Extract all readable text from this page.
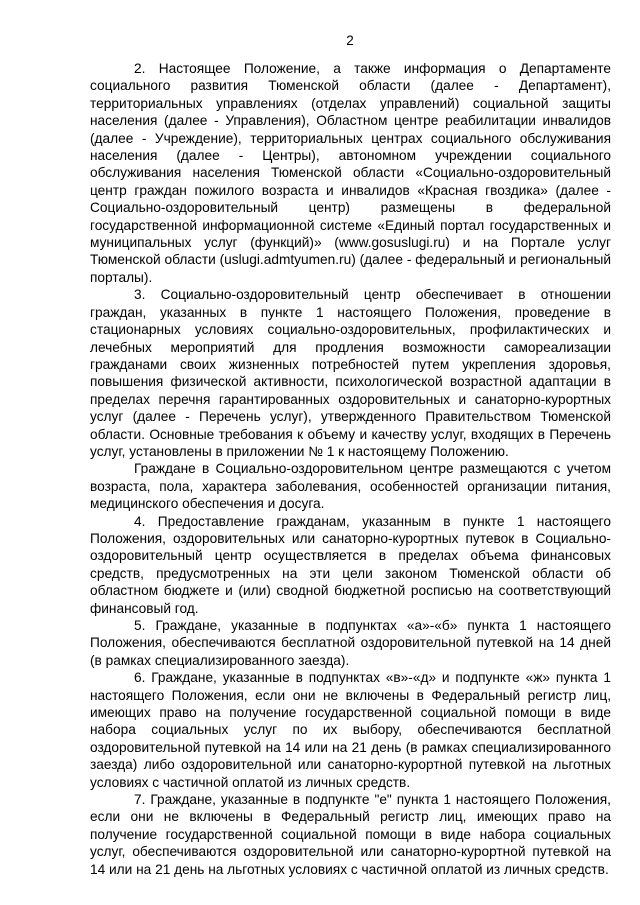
2

2. Настоящее Положение, а также информация о Департаменте социального развития Тюменской области (далее - Департамент), территориальных управлениях (отделах управлений) социальной защиты населения (далее - Управления), Областном центре реабилитации инвалидов (далее - Учреждение), территориальных центрах социального обслуживания населения (далее - Центры), автономном учреждении социального обслуживания населения Тюменской области «Социально-оздоровительный центр граждан пожилого возраста и инвалидов «Красная гвоздика» (далее - Социально-оздоровительный центр) размещены в федеральной государственной информационной системе «Единый портал государственных и муниципальных услуг (функций)» (www.gosuslugi.ru) и на Портале услуг Тюменской области (uslugi.admtyumen.ru) (далее - федеральный и региональный порталы).

3. Социально-оздоровительный центр обеспечивает в отношении граждан, указанных в пункте 1 настоящего Положения, проведение в стационарных условиях социально-оздоровительных, профилактических и лечебных мероприятий для продления возможности самореализации гражданами своих жизненных потребностей путем укрепления здоровья, повышения физической активности, психологической возрастной адаптации в пределах перечня гарантированных оздоровительных и санаторно-курортных услуг (далее - Перечень услуг), утвержденного Правительством Тюменской области. Основные требования к объему и качеству услуг, входящих в Перечень услуг, установлены в приложении № 1 к настоящему Положению.

Граждане в Социально-оздоровительном центре размещаются с учетом возраста, пола, характера заболевания, особенностей организации питания, медицинского обеспечения и досуга.

4. Предоставление гражданам, указанным в пункте 1 настоящего Положения, оздоровительных или санаторно-курортных путевок в Социально-оздоровительный центр осуществляется в пределах объема финансовых средств, предусмотренных на эти цели законом Тюменской области об областном бюджете и (или) сводной бюджетной росписью на соответствующий финансовый год.

5. Граждане, указанные в подпунктах «а»-«б» пункта 1 настоящего Положения, обеспечиваются бесплатной оздоровительной путевкой на 14 дней (в рамках специализированного заезда).

6. Граждане, указанные в подпунктах «в»-«д» и подпункте «ж» пункта 1 настоящего Положения, если они не включены в Федеральный регистр лиц, имеющих право на получение государственной социальной помощи в виде набора социальных услуг по их выбору, обеспечиваются бесплатной оздоровительной путевкой на 14 или на 21 день (в рамках специализированного заезда) либо оздоровительной или санаторно-курортной путевкой на льготных условиях с частичной оплатой из личных средств.

7. Граждане, указанные в подпункте "е" пункта 1 настоящего Положения, если они не включены в Федеральный регистр лиц, имеющих право на получение государственной социальной помощи в виде набора социальных услуг, обеспечиваются оздоровительной или санаторно-курортной путевкой на 14 или на 21 день на льготных условиях с частичной оплатой из личных средств.
